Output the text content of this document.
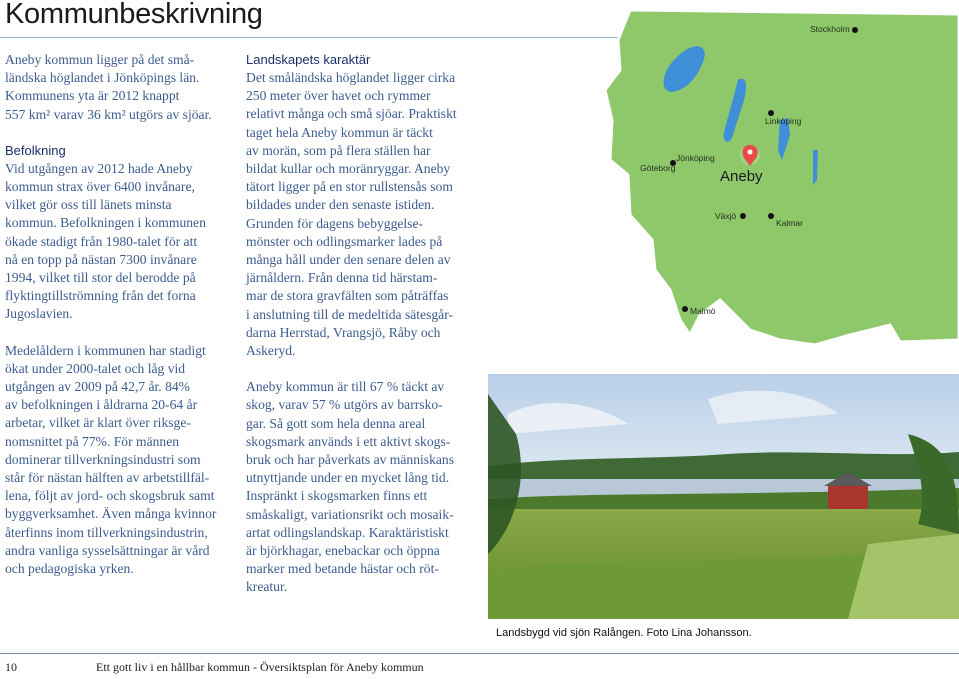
Kommunbeskrivning

Aneby kommun ligger på det små-
ländska höglandet i Jönköpings län.
Kommunens yta är 2012 knappt
557 km² varav 36 km² utgörs av sjöar.

Befolkning

Vid utgången av 2012 hade Aneby
kommun strax över 6400 invånare,
vilket gör oss till länets minsta
kommun. Befolkningen i kommunen
ökade stadigt från 1980-talet för att
nå en topp på nästan 7300 invånare
1994, vilket till stor del berodde på
flyktingtillströmning från det forna
Jugoslavien.

Medelåldern i kommunen har stadigt
ökat under 2000-talet och låg vid
utgången av 2009 på 42,7 år. 84%
av befolkningen i åldrarna 20-64 år
arbetar, vilket är klart över riksge-
nomsnittet på 77%. För männen
dominerar tillverkningsindustri som
står för nästan hälften av arbetstillfäl-
lena, följt av jord- och skogsbruk samt
byggverksamhet. Även många kvinnor
återfinns inom tillverkningsindustrin,
andra vanliga sysselsättningar är vård
och pedagogiska yrken.

Landskapets karaktär

Det småländska höglandet ligger cirka
250 meter över havet och rymmer
relativt många och små sjöar. Praktiskt
taget hela Aneby kommun är täckt
av morän, som på flera ställen har
bildat kullar och moränryggar. Aneby
tätort ligger på en stor rullstensås som
bildades under den senaste istiden.
Grunden för dagens bebyggelse-
mönster och odlingsmarker lades på
många håll under den senare delen av
järnåldern. Från denna tid härstam-
mar de stora gravfälten som påträffas
i anslutning till de medeltida sätesgår-
darna Herrstad, Vrangsjö, Råby och
Askeryd.

Aneby kommun är till 67 % täckt av
skog, varav 57 % utgörs av barrsko-
gar. Så gott som hela denna areal
skogsmark används i ett aktivt skogs-
bruk och har påverkats av människans
utnyttjande under en mycket lång tid.
Inspränkt i skogsmarken finns ett
småskaligt, variationsrikt och mosaik-
artat odlingslandskap. Karaktäristiskt
är björkhagar, enebackar och öppna
marker med betande hästar och röt-
kreatur.

Stockholm
Linköping
Jönköping
Göteborg	Aneby
Växjö
Kalmar
Malmö
Landsbygd vid sjön Ralången. Foto Lina Johansson.
10	Ett gott liv i en hållbar kommun - Översiktsplan för Aneby kommun
